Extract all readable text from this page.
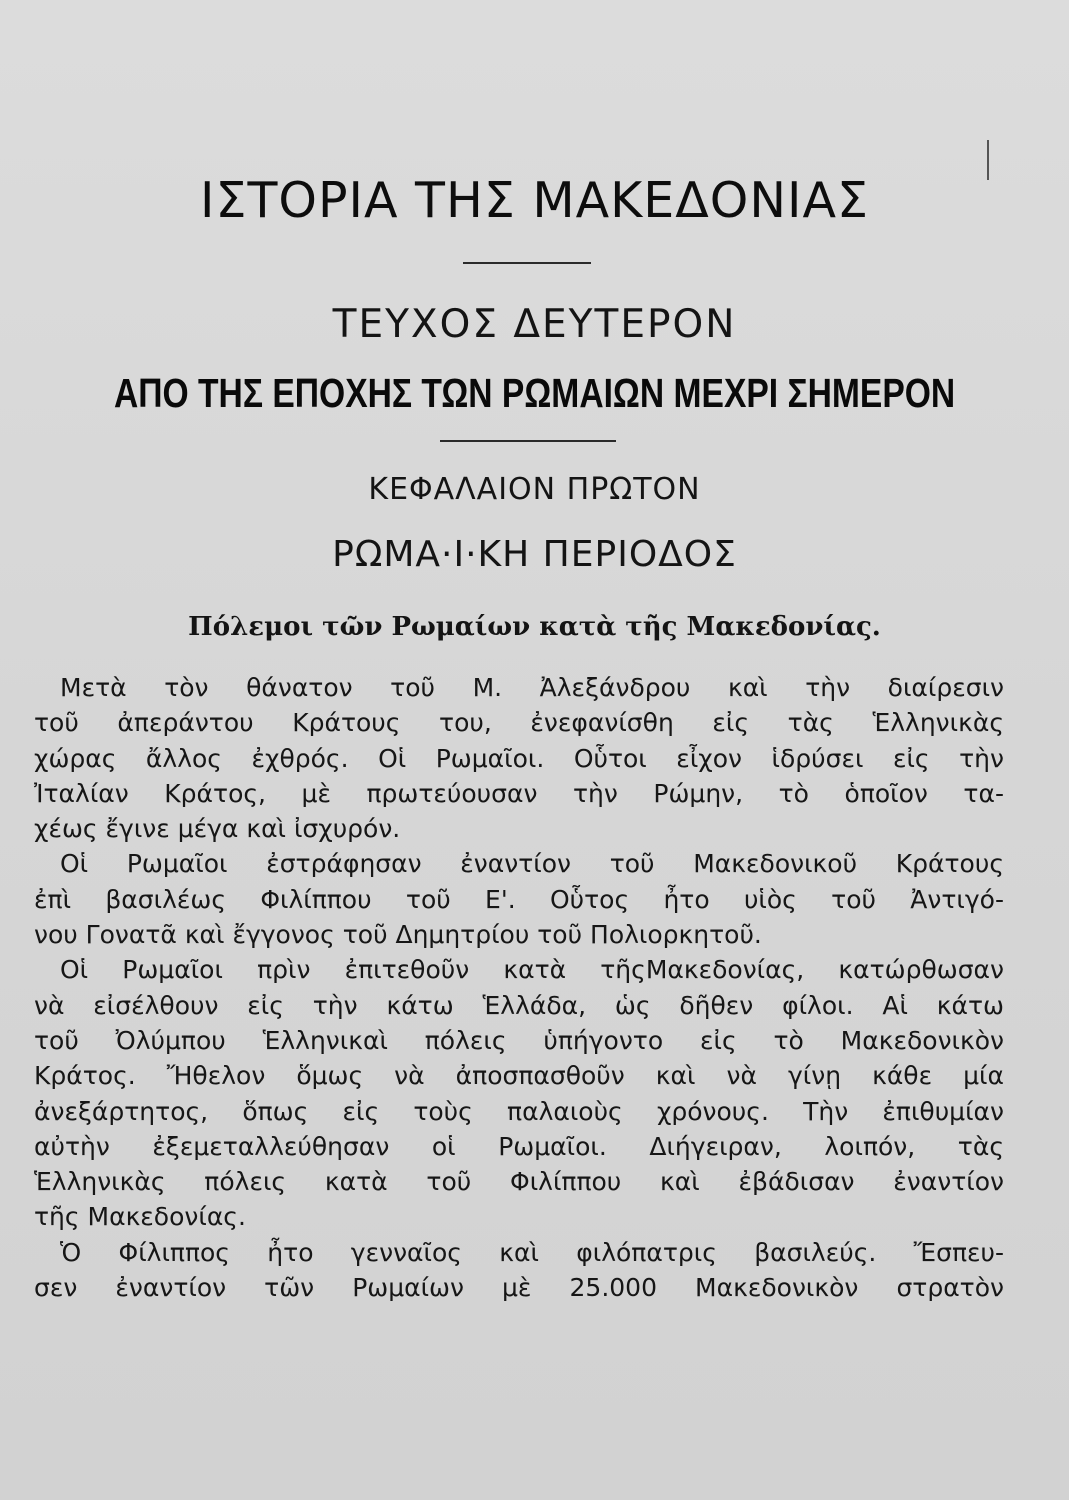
ΙΣΤΟΡΙΑ ΤΗΣ ΜΑΚΕΔΟΝΙΑΣ
ΤΕΥΧΟΣ ΔΕΥΤΕΡΟΝ
ΑΠΟ ΤΗΣ ΕΠΟΧΗΣ ΤΩΝ ΡΩΜΑΙΩΝ ΜΕΧΡΙ ΣΗΜΕΡΟΝ
ΚΕΦΑΛΑΙΟΝ ΠΡΩΤΟΝ
ΡΩΜΑ·Ι·ΚΗ ΠΕΡΙΟΔΟΣ
Πόλεμοι τῶν Ρωμαίων κατὰ τῆς Μακεδονίας.
Μετὰ τὸν θάνατον τοῦ Μ. Ἀλεξάνδρου καὶ τὴν διαίρεσιν
τοῦ ἀπεράντου Κράτους του, ἐνεφανίσθη εἰς τὰς Ἑλληνικὰς
χώρας ἄλλος ἐχθρός. Οἱ Ρωμαῖοι. Οὗτοι εἶχον ἱδρύσει εἰς τὴν
Ἰταλίαν Κράτος, μὲ πρωτεύουσαν τὴν Ρώμην, τὸ ὁποῖον τα-
χέως ἔγινε μέγα καὶ ἰσχυρόν.
Οἱ Ρωμαῖοι ἐστράφησαν ἐναντίον τοῦ Μακεδονικοῦ Κράτους
ἐπὶ βασιλέως Φιλίππου τοῦ Ε'. Οὗτος ἦτο υἱὸς τοῦ Ἀντιγό-
νου Γονατᾶ καὶ ἔγγονος τοῦ Δημητρίου τοῦ Πολιορκητοῦ.
Οἱ Ρωμαῖοι πρὶν ἐπιτεθοῦν κατὰ τῆςΜακεδονίας, κατώρθωσαν
νὰ εἰσέλθουν εἰς τὴν κάτω Ἑλλάδα, ὡς δῆθεν φίλοι. Αἱ κάτω
τοῦ Ὀλύμπου Ἑλληνικαὶ πόλεις ὑπήγοντο εἰς τὸ Μακεδονικὸν
Κράτος. Ἤθελον ὅμως νὰ ἀποσπασθοῦν καὶ νὰ γίνῃ κάθε μία
ἀνεξάρτητος, ὅπως εἰς τοὺς παλαιοὺς χρόνους. Τὴν ἐπιθυμίαν
αὐτὴν ἐξεμεταλλεύθησαν οἱ Ρωμαῖοι. Διήγειραν, λοιπόν, τὰς
Ἑλληνικὰς πόλεις κατὰ τοῦ Φιλίππου καὶ ἐβάδισαν ἐναντίον
τῆς Μακεδονίας.
Ὁ Φίλιππος ἦτο γενναῖος καὶ φιλόπατρις βασιλεύς. Ἔσπευ-
σεν ἐναντίον τῶν Ρωμαίων μὲ 25.000 Μακεδονικὸν στρατὸν
